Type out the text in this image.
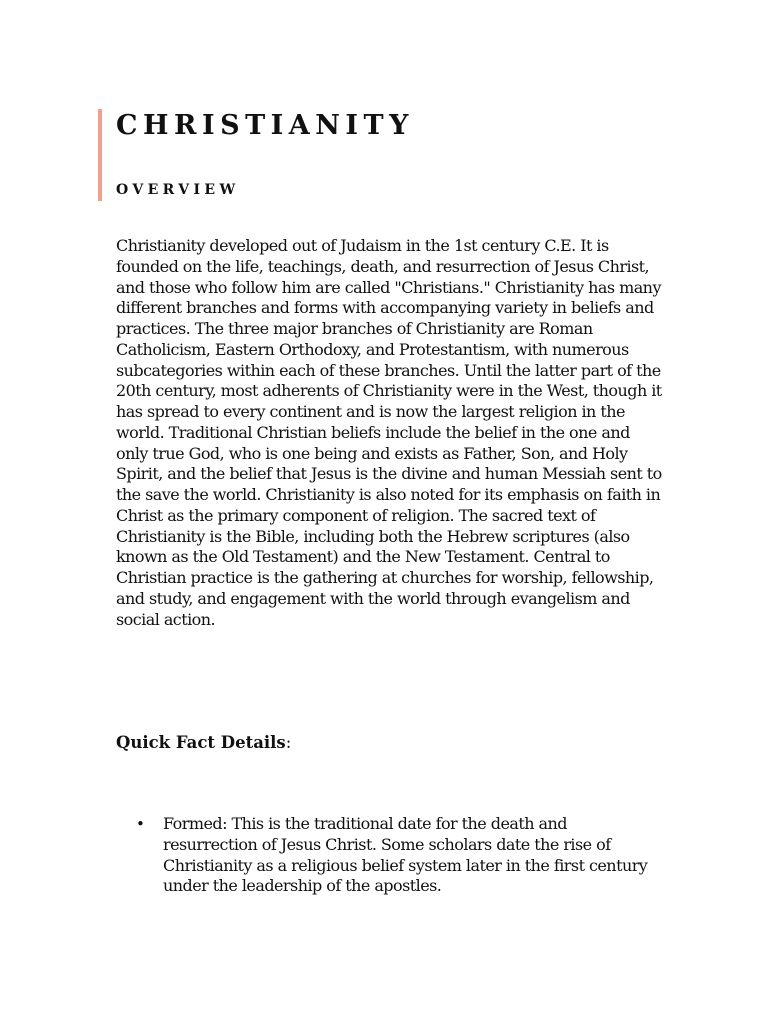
CHRISTIANITY
OVERVIEW

Christianity developed out of Judaism in the 1st century C.E. It is founded on the life, teachings, death, and resurrection of Jesus Christ, and those who follow him are called "Christians." Christianity has many different branches and forms with accompanying variety in beliefs and practices. The three major branches of Christianity are Roman Catholicism, Eastern Orthodoxy, and Protestantism, with numerous subcategories within each of these branches. Until the latter part of the 20th century, most adherents of Christianity were in the West, though it has spread to every continent and is now the largest religion in the world. Traditional Christian beliefs include the belief in the one and only true God, who is one being and exists as Father, Son, and Holy Spirit, and the belief that Jesus is the divine and human Messiah sent to the save the world. Christianity is also noted for its emphasis on faith in Christ as the primary component of religion. The sacred text of Christianity is the Bible, including both the Hebrew scriptures (also known as the Old Testament) and the New Testament. Central to Christian practice is the gathering at churches for worship, fellowship, and study, and engagement with the world through evangelism and social action.

Quick Fact Details:

• Formed: This is the traditional date for the death and resurrection of Jesus Christ. Some scholars date the rise of Christianity as a religious belief system later in the first century under the leadership of the apostles.
